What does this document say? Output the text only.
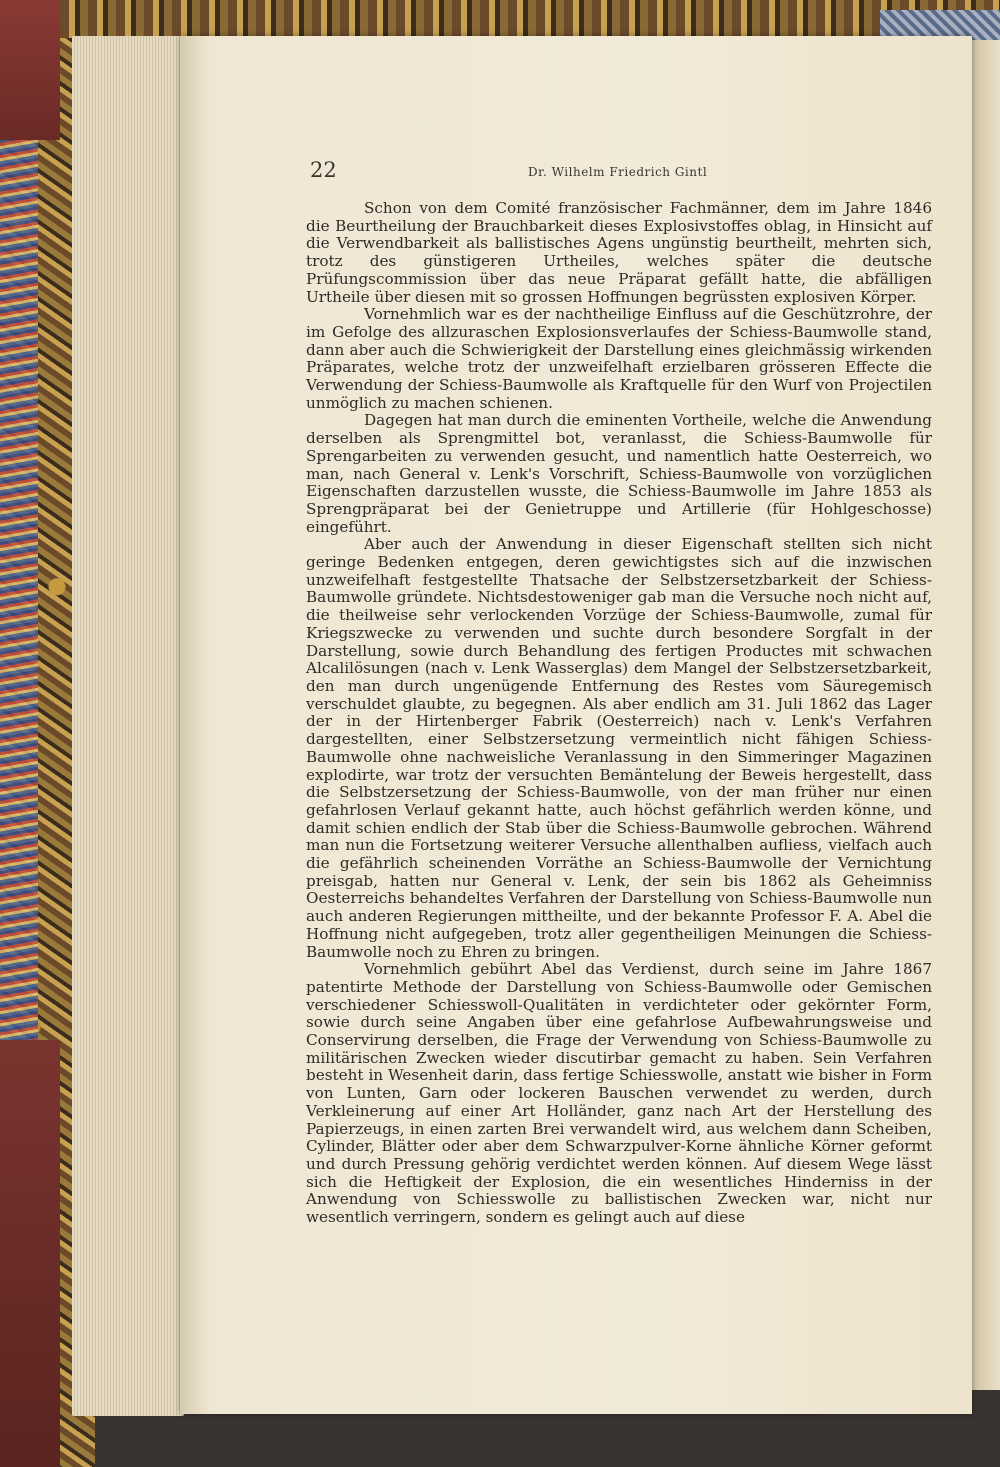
22	Dr. Wilhelm Friedrich Gintl

Schon von dem Comité französischer Fachmänner, dem im Jahre 1846 die Beurtheilung der Brauchbarkeit dieses Explosivstoffes oblag, in Hinsicht auf die Verwendbarkeit als ballistisches Agens ungünstig beurtheilt, mehrten sich, trotz des günstigeren Urtheiles, welches später die deutsche Prüfungscommission über das neue Präparat gefällt hatte, die abfälligen Urtheile über diesen mit so grossen Hoffnungen begrüssten explosiven Körper.

Vornehmlich war es der nachtheilige Einfluss auf die Geschützrohre, der im Gefolge des allzuraschen Explosionsverlaufes der Schiess-Baumwolle stand, dann aber auch die Schwierigkeit der Darstellung eines gleichmässig wirkenden Präparates, welche trotz der unzweifelhaft erzielbaren grösseren Effecte die Verwendung der Schiess-Baumwolle als Kraftquelle für den Wurf von Projectilen unmöglich zu machen schienen.

Dagegen hat man durch die eminenten Vortheile, welche die Anwendung derselben als Sprengmittel bot, veranlasst, die Schiess-Baumwolle für Sprengarbeiten zu verwenden gesucht, und namentlich hatte Oesterreich, wo man, nach General v. Lenk's Vorschrift, Schiess-Baumwolle von vorzüglichen Eigenschaften darzustellen wusste, die Schiess-Baumwolle im Jahre 1853 als Sprengpräparat bei der Genietruppe und Artillerie (für Hohlgeschosse) eingeführt.

Aber auch der Anwendung in dieser Eigenschaft stellten sich nicht geringe Bedenken entgegen, deren gewichtigstes sich auf die inzwischen unzweifelhaft festgestellte Thatsache der Selbstzersetzbarkeit der Schiess-Baumwolle gründete. Nichtsdestoweniger gab man die Versuche noch nicht auf, die theilweise sehr verlockenden Vorzüge der Schiess-Baumwolle, zumal für Kriegszwecke zu verwenden und suchte durch besondere Sorgfalt in der Darstellung, sowie durch Behandlung des fertigen Productes mit schwachen Alcalilösungen (nach v. Lenk Wasserglas) dem Mangel der Selbstzersetzbarkeit, den man durch ungenügende Entfernung des Restes vom Säuregemisch verschuldet glaubte, zu begegnen. Als aber endlich am 31. Juli 1862 das Lager der in der Hirtenberger Fabrik (Oesterreich) nach v. Lenk's Verfahren dargestellten, einer Selbstzersetzung vermeintlich nicht fähigen Schiess-Baumwolle ohne nachweisliche Veranlassung in den Simmeringer Magazinen explodirte, war trotz der versuchten Bemäntelung der Beweis hergestellt, dass die Selbstzersetzung der Schiess-Baumwolle, von der man früher nur einen gefahrlosen Verlauf gekannt hatte, auch höchst gefährlich werden könne, und damit schien endlich der Stab über die Schiess-Baumwolle gebrochen. Während man nun die Fortsetzung weiterer Versuche allenthalben aufliess, vielfach auch die gefährlich scheinenden Vorräthe an Schiess-Baumwolle der Vernichtung preisgab, hatten nur General v. Lenk, der sein bis 1862 als Geheimniss Oesterreichs behandeltes Verfahren der Darstellung von Schiess-Baumwolle nun auch anderen Regierungen mittheilte, und der bekannte Professor F. A. Abel die Hoffnung nicht aufgegeben, trotz aller gegentheiligen Meinungen die Schiess-Baumwolle noch zu Ehren zu bringen.

Vornehmlich gebührt Abel das Verdienst, durch seine im Jahre 1867 patentirte Methode der Darstellung von Schiess-Baumwolle oder Gemischen verschiedener Schiesswoll-Qualitäten in verdichteter oder gekörnter Form, sowie durch seine Angaben über eine gefahrlose Aufbewahrungsweise und Conservirung derselben, die Frage der Verwendung von Schiess-Baumwolle zu militärischen Zwecken wieder discutirbar gemacht zu haben. Sein Verfahren besteht in Wesenheit darin, dass fertige Schiesswolle, anstatt wie bisher in Form von Lunten, Garn oder lockeren Bauschen verwendet zu werden, durch Verkleinerung auf einer Art Holländer, ganz nach Art der Herstellung des Papierzeugs, in einen zarten Brei verwandelt wird, aus welchem dann Scheiben, Cylinder, Blätter oder aber dem Schwarzpulver-Korne ähnliche Körner geformt und durch Pressung gehörig verdichtet werden können. Auf diesem Wege lässt sich die Heftigkeit der Explosion, die ein wesentliches Hinderniss in der Anwendung von Schiesswolle zu ballistischen Zwecken war, nicht nur wesentlich verringern, sondern es gelingt auch auf diese
